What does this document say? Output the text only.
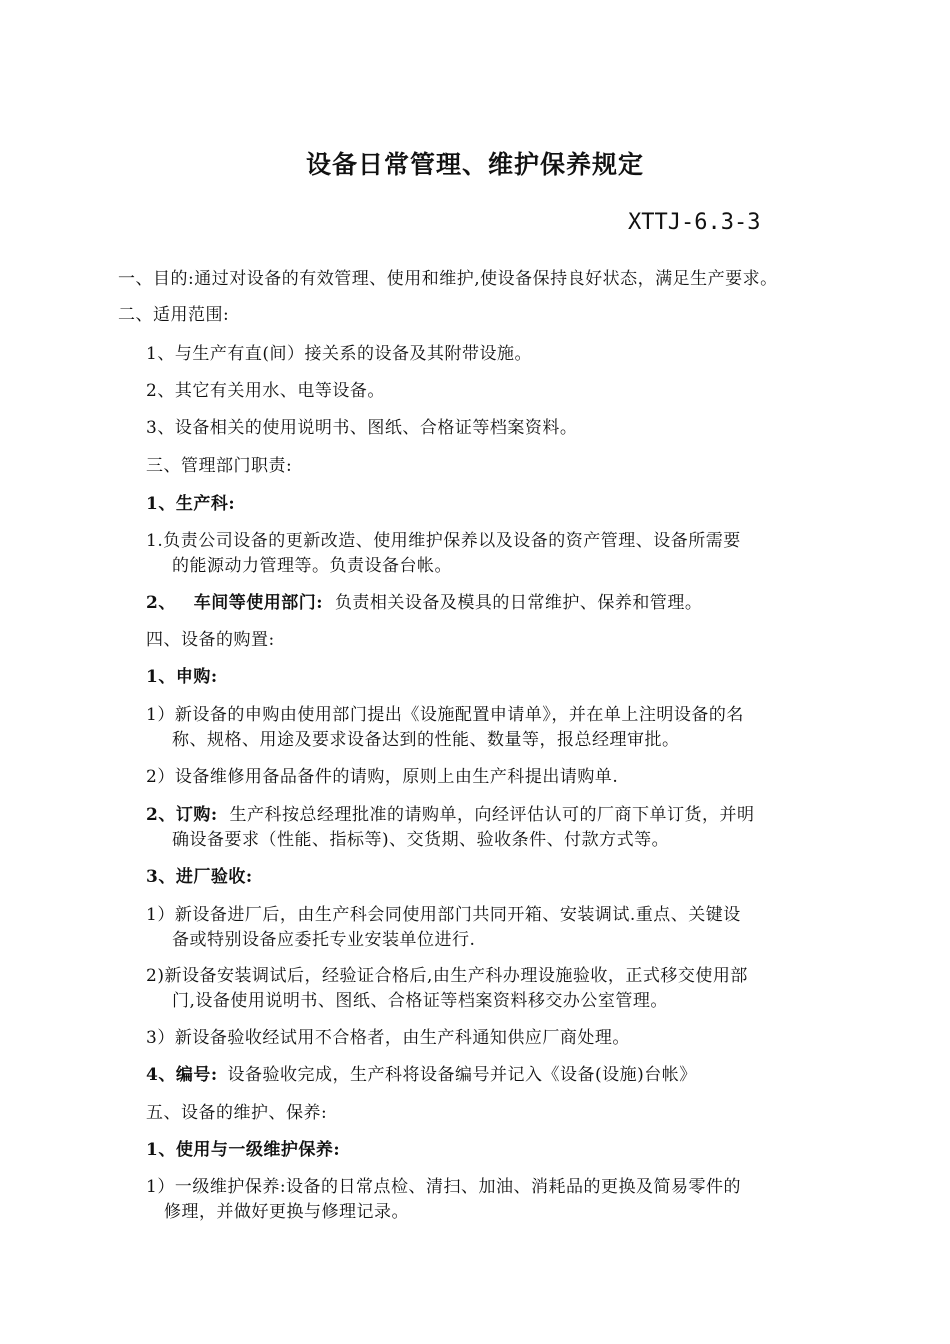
设备日常管理、维护保养规定
XTTJ-6.3-3
一、目的:通过对设备的有效管理、使用和维护,使设备保持良好状态，满足生产要求。
二、适用范围:
1、与生产有直(间）接关系的设备及其附带设施。
2、其它有关用水、电等设备。
3、设备相关的使用说明书、图纸、合格证等档案资料。
三、管理部门职责:
1、生产科:
1.负责公司设备的更新改造、使用维护保养以及设备的资产管理、设备所需要
的能源动力管理等。负责设备台帐。
2、 车间等使用部门: 负责相关设备及模具的日常维护、保养和管理。
四、设备的购置:
1、申购:
1）新设备的申购由使用部门提出《设施配置申请单》，并在单上注明设备的名
称、规格、用途及要求设备达到的性能、数量等，报总经理审批。
2）设备维修用备品备件的请购，原则上由生产科提出请购单.
2、订购: 生产科按总经理批准的请购单，向经评估认可的厂商下单订货，并明
确设备要求（性能、指标等)、交货期、验收条件、付款方式等。
3、进厂验收:
1）新设备进厂后，由生产科会同使用部门共同开箱、安装调试.重点、关键设
备或特别设备应委托专业安装单位进行.
2)新设备安装调试后，经验证合格后,由生产科办理设施验收，正式移交使用部
门,设备使用说明书、图纸、合格证等档案资料移交办公室管理。
3）新设备验收经试用不合格者，由生产科通知供应厂商处理。
4、编号: 设备验收完成，生产科将设备编号并记入《设备(设施)台帐》
五、设备的维护、保养:
1、使用与一级维护保养:
1）一级维护保养:设备的日常点检、清扫、加油、消耗品的更换及简易零件的
修理，并做好更换与修理记录。
